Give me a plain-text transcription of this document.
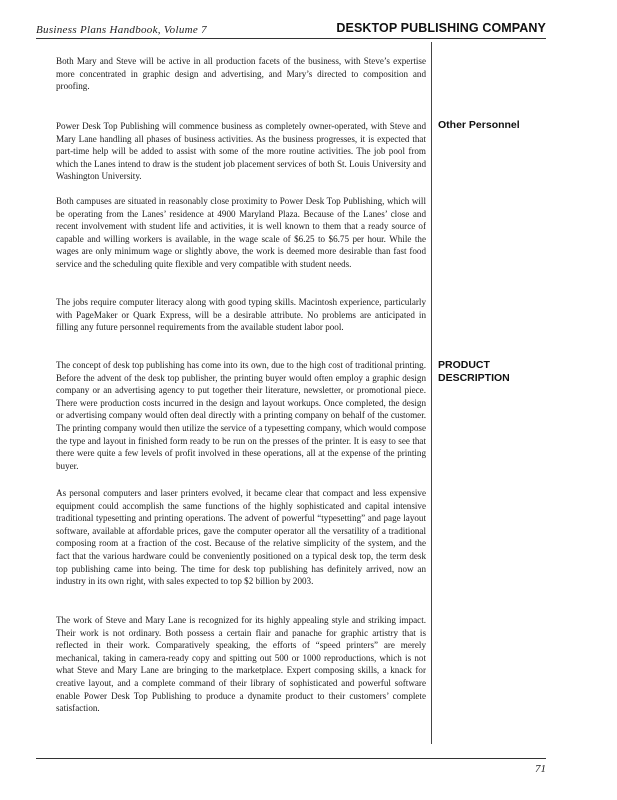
Business Plans Handbook, Volume 7	DESKTOP PUBLISHING COMPANY

Both Mary and Steve will be active in all production facets of the business, with Steve’s expertise more concentrated in graphic design and advertising, and Mary’s directed to composition and proofing.

Other Personnel

Power Desk Top Publishing will commence business as completely owner-operated, with Steve and Mary Lane handling all phases of business activities. As the business progresses, it is expected that part-time help will be added to assist with some of the more routine activities. The job pool from which the Lanes intend to draw is the student job placement services of both St. Louis University and Washington University.

Both campuses are situated in reasonably close proximity to Power Desk Top Publishing, which will be operating from the Lanes’ residence at 4900 Maryland Plaza. Because of the Lanes’ close and recent involvement with student life and activities, it is well known to them that a ready source of capable and willing workers is available, in the wage scale of $6.25 to $6.75 per hour. While the wages are only minimum wage or slightly above, the work is deemed more desirable than fast food service and the scheduling quite flexible and very compatible with student needs.

The jobs require computer literacy along with good typing skills. Macintosh experience, particularly with PageMaker or Quark Express, will be a desirable attribute. No problems are anticipated in filling any future personnel requirements from the available student labor pool.

PRODUCT
DESCRIPTION

The concept of desk top publishing has come into its own, due to the high cost of traditional printing. Before the advent of the desk top publisher, the printing buyer would often employ a graphic design company or an advertising agency to put together their literature, newsletter, or promotional piece. There were production costs incurred in the design and layout workups. Once completed, the design or advertising company would often deal directly with a printing company on behalf of the customer. The printing company would then utilize the service of a typesetting company, which would compose the type and layout in finished form ready to be run on the presses of the printer. It is easy to see that there were quite a few levels of profit involved in these operations, all at the expense of the printing buyer.

As personal computers and laser printers evolved, it became clear that compact and less expensive equipment could accomplish the same functions of the highly sophisticated and capital intensive traditional typesetting and printing operations. The advent of powerful “typesetting” and page layout software, available at affordable prices, gave the computer operator all the versatility of a traditional composing room at a fraction of the cost. Because of the relative simplicity of the system, and the fact that the various hardware could be conveniently positioned on a typical desk top, the term desk top publishing came into being. The time for desk top publishing has definitely arrived, now an industry in its own right, with sales expected to top $2 billion by 2003.

The work of Steve and Mary Lane is recognized for its highly appealing style and striking impact. Their work is not ordinary. Both possess a certain flair and panache for graphic artistry that is reflected in their work. Comparatively speaking, the efforts of “speed printers” are merely mechanical, taking in camera-ready copy and spitting out 500 or 1000 reproductions, which is not what Steve and Mary Lane are bringing to the marketplace. Expert composing skills, a knack for creative layout, and a complete command of their library of sophisticated and powerful software enable Power Desk Top Publishing to produce a dynamite product to their customers’ complete satisfaction.

71
